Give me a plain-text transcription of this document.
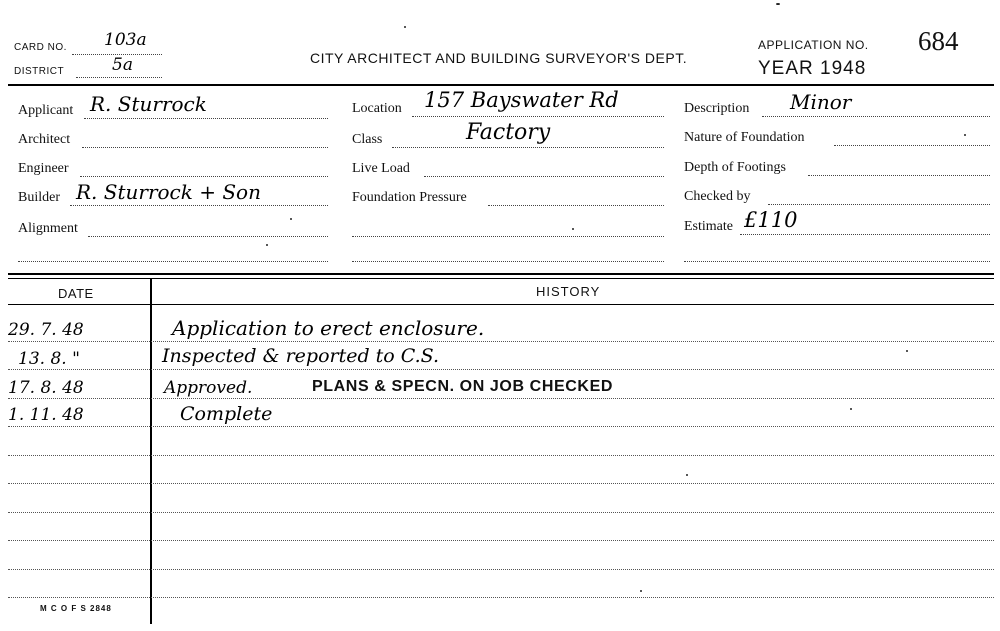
CARD NO. 103a
DISTRICT	5a	CITY ARCHITECT AND BUILDING SURVEYOR'S DEPT.
APPLICATION NO. 684
YEAR 1948
Applicant R. Sturrock
Architect
Engineer
Builder R. Sturrock + Son
Alignment
Location 157 Bayswater Rd
Class	Factory
Live Load
Foundation Pressure
Description Minor
Nature of Foundation
Depth of Footings
Checked by
Estimate £110
DATE	HISTORY
29. 7. 48	Application to erect enclosure.
13. 8. "	Inspected & reported to C.S.
17. 8. 48	Approved.	PLANS & SPECN. ON JOB CHECKED
1. 11. 48	Complete
M C O F S 2848
